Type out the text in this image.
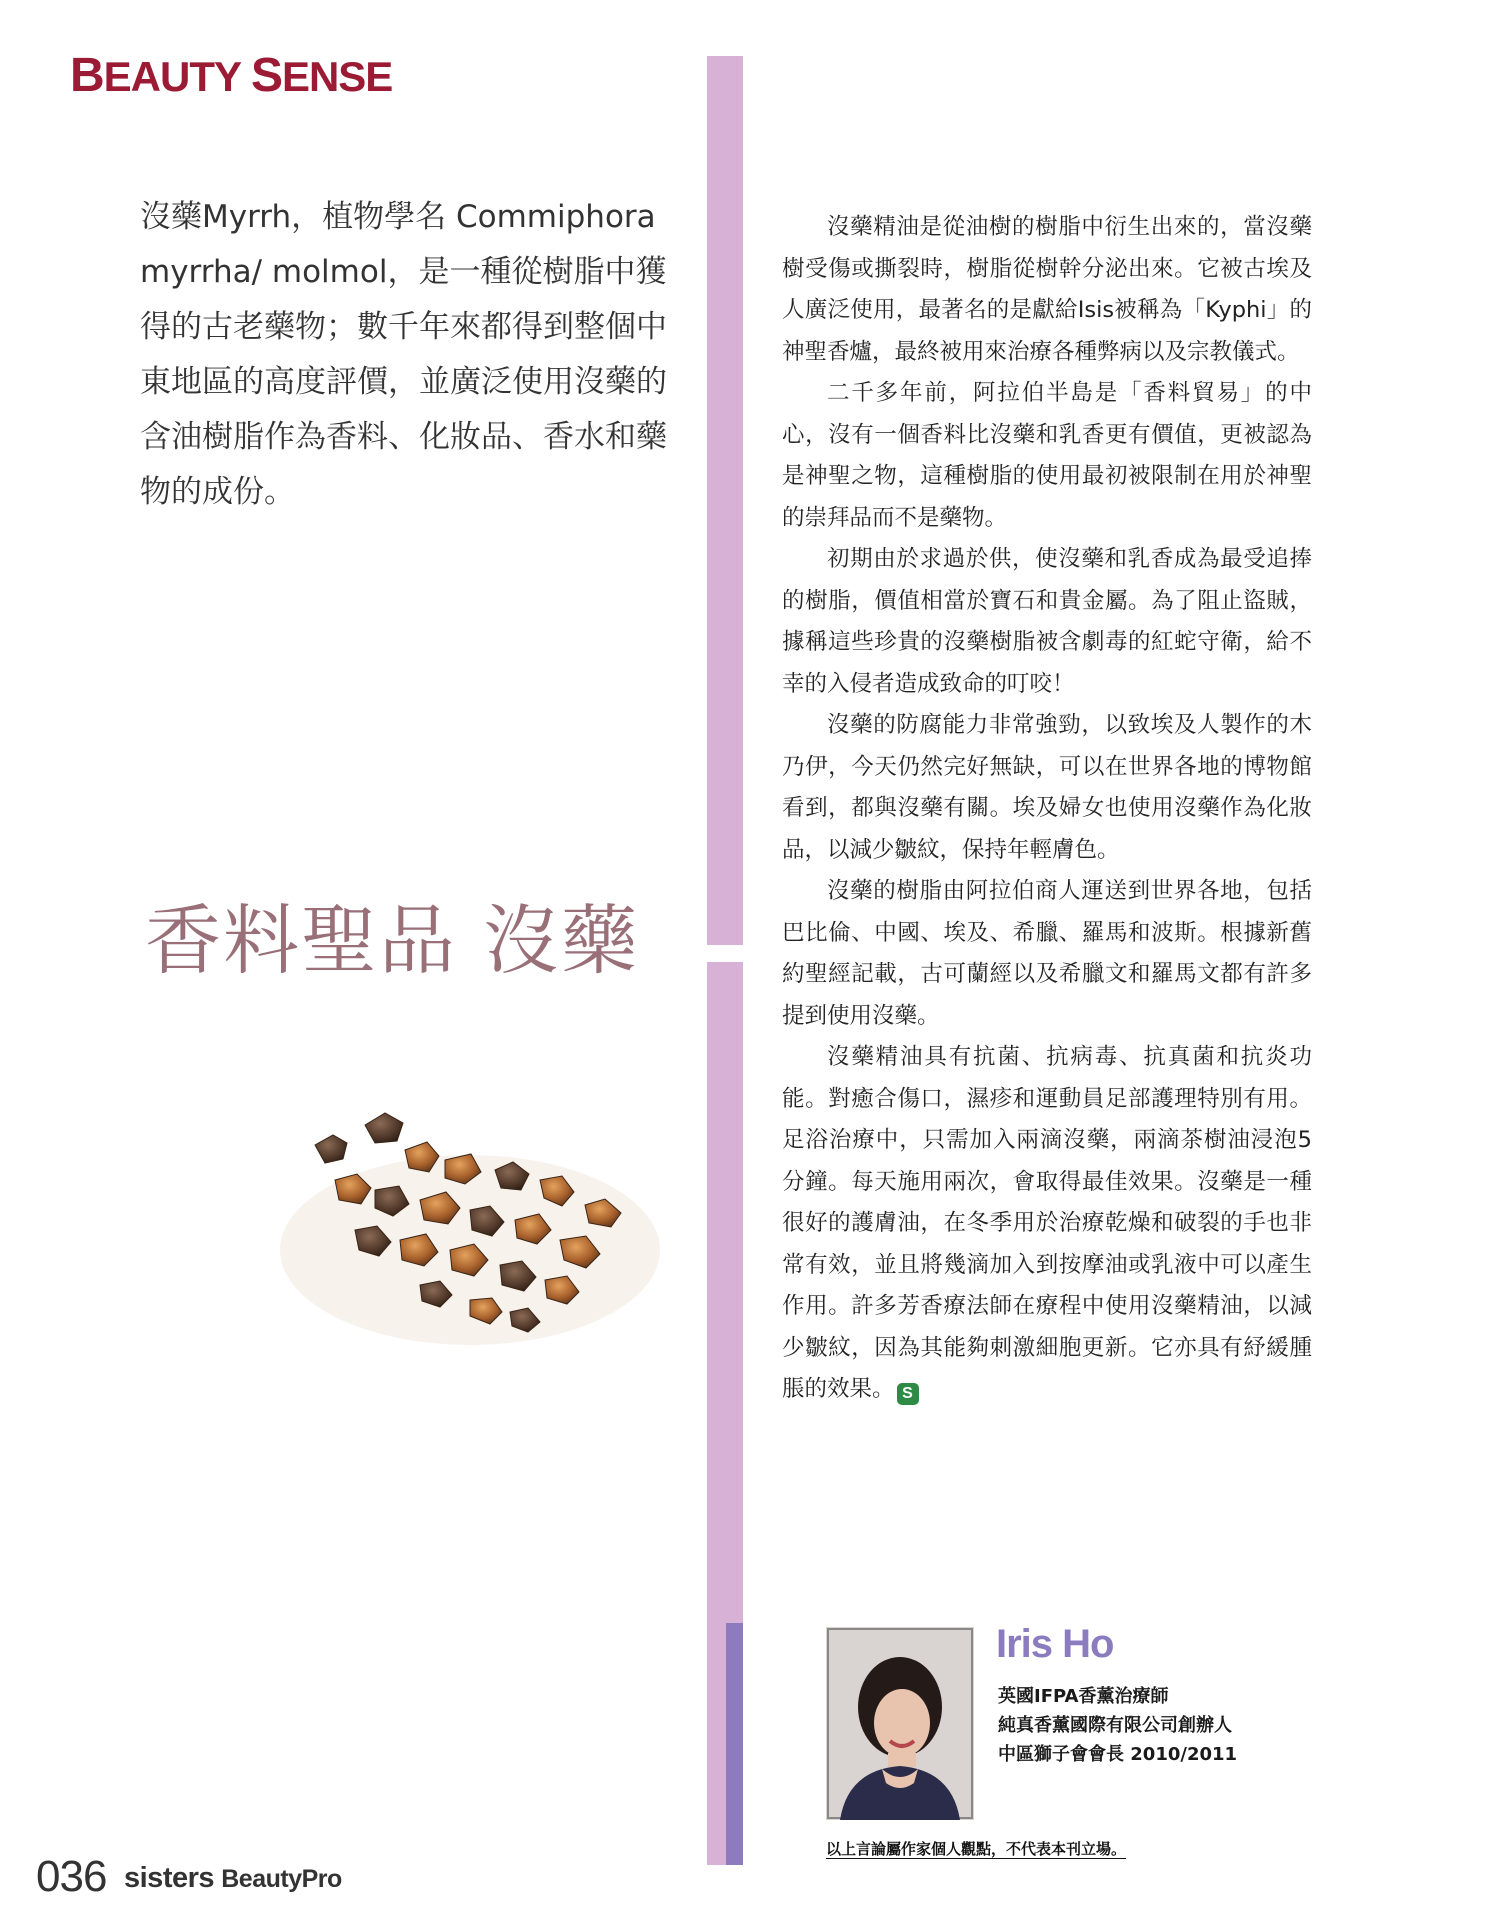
BEAUTY SENSE

沒藥Myrrh，植物學名 Commiphora myrrha/ molmol，是一種從樹脂中獲得的古老藥物；數千年來都得到整個中東地區的高度評價，並廣泛使用沒藥的含油樹脂作為香料、化妝品、香水和藥物的成份。

香料聖品 沒藥

沒藥精油是從油樹的樹脂中衍生出來的，當沒藥樹受傷或撕裂時，樹脂從樹幹分泌出來。它被古埃及人廣泛使用，最著名的是獻給Isis被稱為「Kyphi」的神聖香爐，最終被用來治療各種弊病以及宗教儀式。

二千多年前，阿拉伯半島是「香料貿易」的中心，沒有一個香料比沒藥和乳香更有價值，更被認為是神聖之物，這種樹脂的使用最初被限制在用於神聖的崇拜品而不是藥物。

初期由於求過於供，使沒藥和乳香成為最受追捧的樹脂，價值相當於寶石和貴金屬。為了阻止盜賊，據稱這些珍貴的沒藥樹脂被含劇毒的紅蛇守衛，給不幸的入侵者造成致命的叮咬！

沒藥的防腐能力非常強勁，以致埃及人製作的木乃伊，今天仍然完好無缺，可以在世界各地的博物館看到，都與沒藥有關。埃及婦女也使用沒藥作為化妝品，以減少皺紋，保持年輕膚色。

沒藥的樹脂由阿拉伯商人運送到世界各地，包括巴比倫、中國、埃及、希臘、羅馬和波斯。根據新舊約聖經記載，古可蘭經以及希臘文和羅馬文都有許多提到使用沒藥。

沒藥精油具有抗菌、抗病毒、抗真菌和抗炎功能。對癒合傷口，濕疹和運動員足部護理特別有用。足浴治療中，只需加入兩滴沒藥，兩滴茶樹油浸泡5分鐘。每天施用兩次，會取得最佳效果。沒藥是一種很好的護膚油，在冬季用於治療乾燥和破裂的手也非常有效，並且將幾滴加入到按摩油或乳液中可以產生作用。許多芳香療法師在療程中使用沒藥精油，以減少皺紋，因為其能夠刺激細胞更新。它亦具有紓緩腫脹的效果。 S

Iris Ho

英國IFPA香薰治療師

純真香薰國際有限公司創辦人

中區獅子會會長 2010/2011

以上言論屬作家個人觀點，不代表本刊立場。

036 sisters BeautyPro
